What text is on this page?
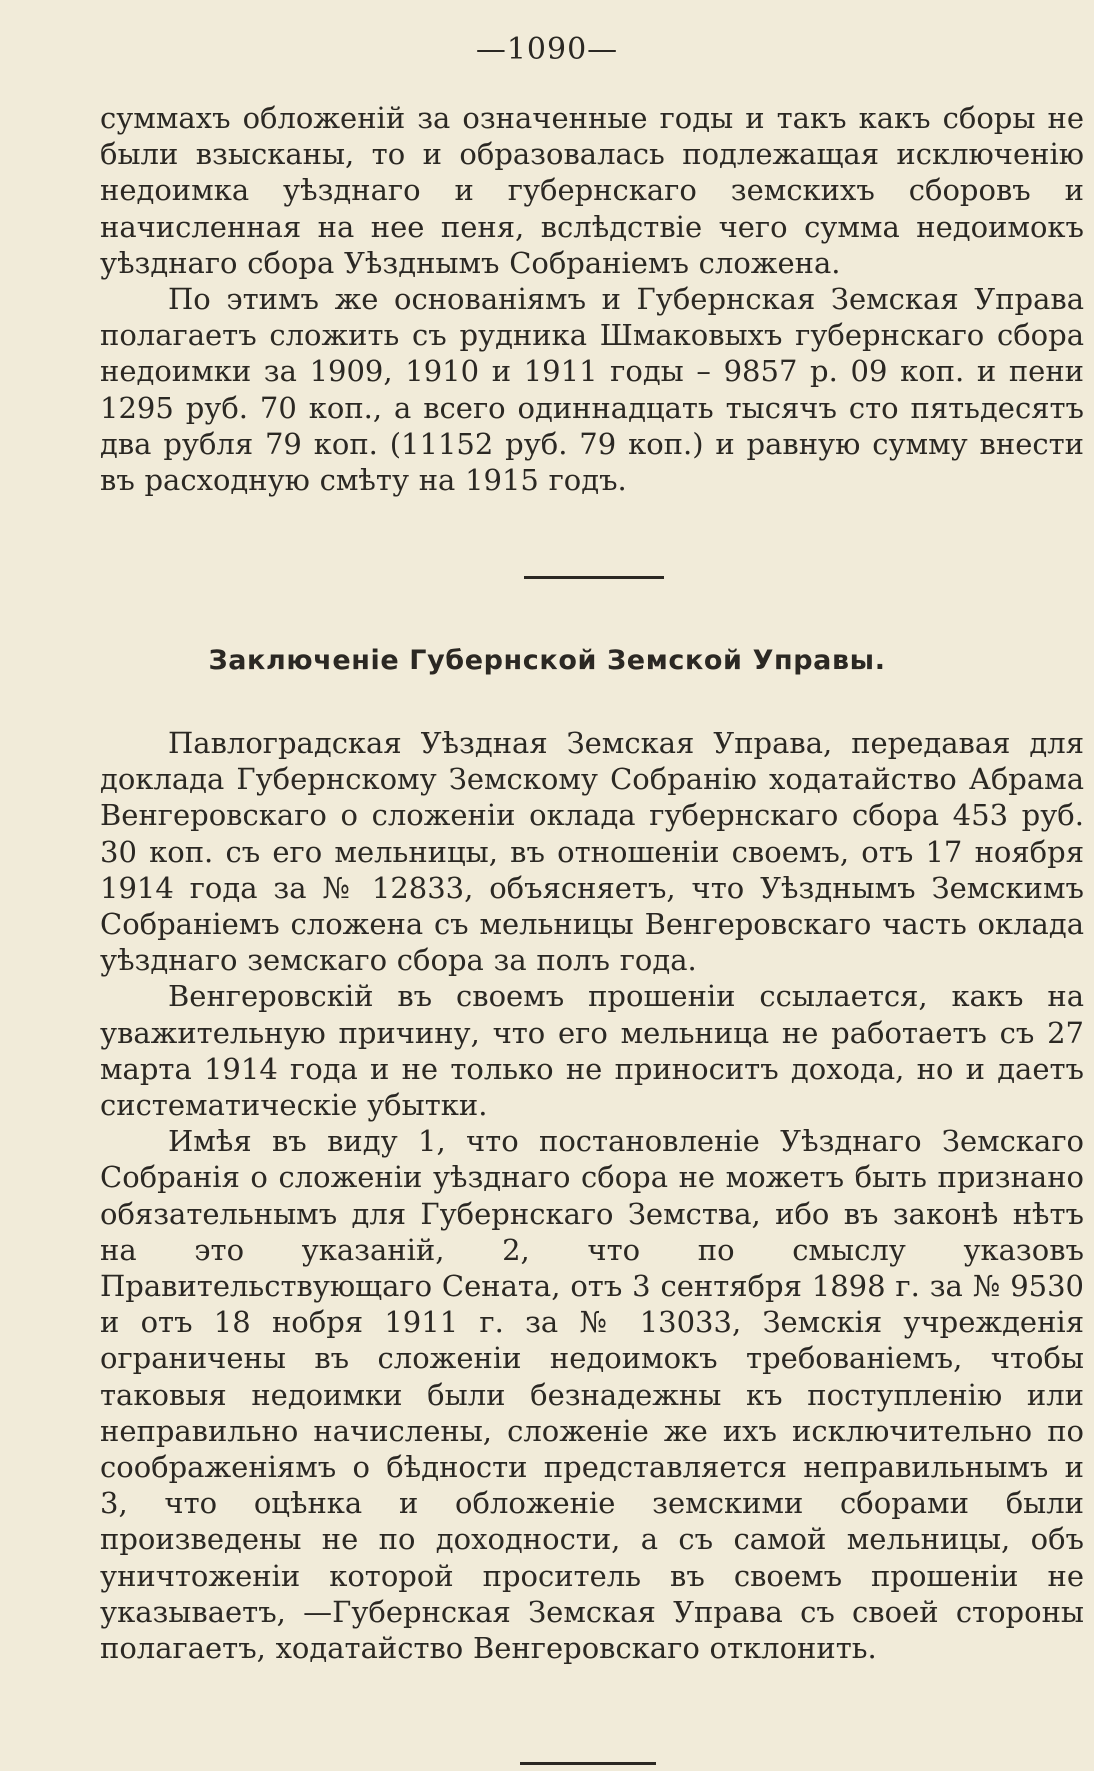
—1090—

суммахъ обложенiй за означенные годы и такъ какъ сборы не были взысканы, то и образовалась подлежащая исключенiю недоимка уѣзднаго и губернскаго земскихъ сборовъ и начисленная на нее пеня, вслѣдствiе чего сумма недоимокъ уѣзднаго сбора Уѣзднымъ Собранiемъ сложена.

По этимъ же основанiямъ и Губернская Земская Управа полагаетъ сложить съ рудника Шмаковыхъ губернскаго сбора недоимки за 1909, 1910 и 1911 годы – 9857 р. 09 коп. и пени 1295 руб. 70 коп., а всего одиннадцать тысячъ сто пятьдесятъ два рубля 79 коп. (11152 руб. 79 коп.) и равную сумму внести въ расходную смѣту на 1915 годъ.

Заключенiе Губернской Земской Управы.

Павлоградская Уѣздная Земская Управа, передавая для доклада Губернскому Земскому Собранiю ходатайство Абрама Венгеровскаго о сложенiи оклада губернскаго сбора 453 руб. 30 коп. съ его мельницы, въ отношенiи своемъ, отъ 17 ноября 1914 года за № 12833, объясняетъ, что Уѣзднымъ Земскимъ Собранiемъ сложена съ мельницы Венгеровскаго часть оклада уѣзднаго земскаго сбора за полъ года.

Венгеровскiй въ своемъ прошенiи ссылается, какъ на уважительную причину, что его мельница не работаетъ съ 27 марта 1914 года и не только не приноситъ дохода, но и даетъ систематическiе убытки.

Имѣя въ виду 1, что постановленiе Уѣзднаго Земскаго Собранiя о сложенiи уѣзднаго сбора не можетъ быть признано обязательнымъ для Губернскаго Земства, ибо въ законѣ нѣтъ на это указанiй, 2, что по смыслу указовъ Правительствующаго Сената, отъ 3 сентября 1898 г. за № 9530 и отъ 18 нобря 1911 г. за № 13033, Земскiя учрежденiя ограничены въ сложенiи недоимокъ требованiемъ, чтобы таковыя недоимки были безнадежны къ поступленiю или неправильно начислены, сложенiе же ихъ исключительно по соображенiямъ о бѣдности представляется неправильнымъ и 3, что оцѣнка и обложенiе земскими сборами были произведены не по доходности, а съ самой мельницы, объ уничтоженiи которой проситель въ своемъ прошенiи не указываетъ, —Губернская Земская Управа съ своей стороны полагаетъ, ходатайство Венгеровскаго отклонить.
